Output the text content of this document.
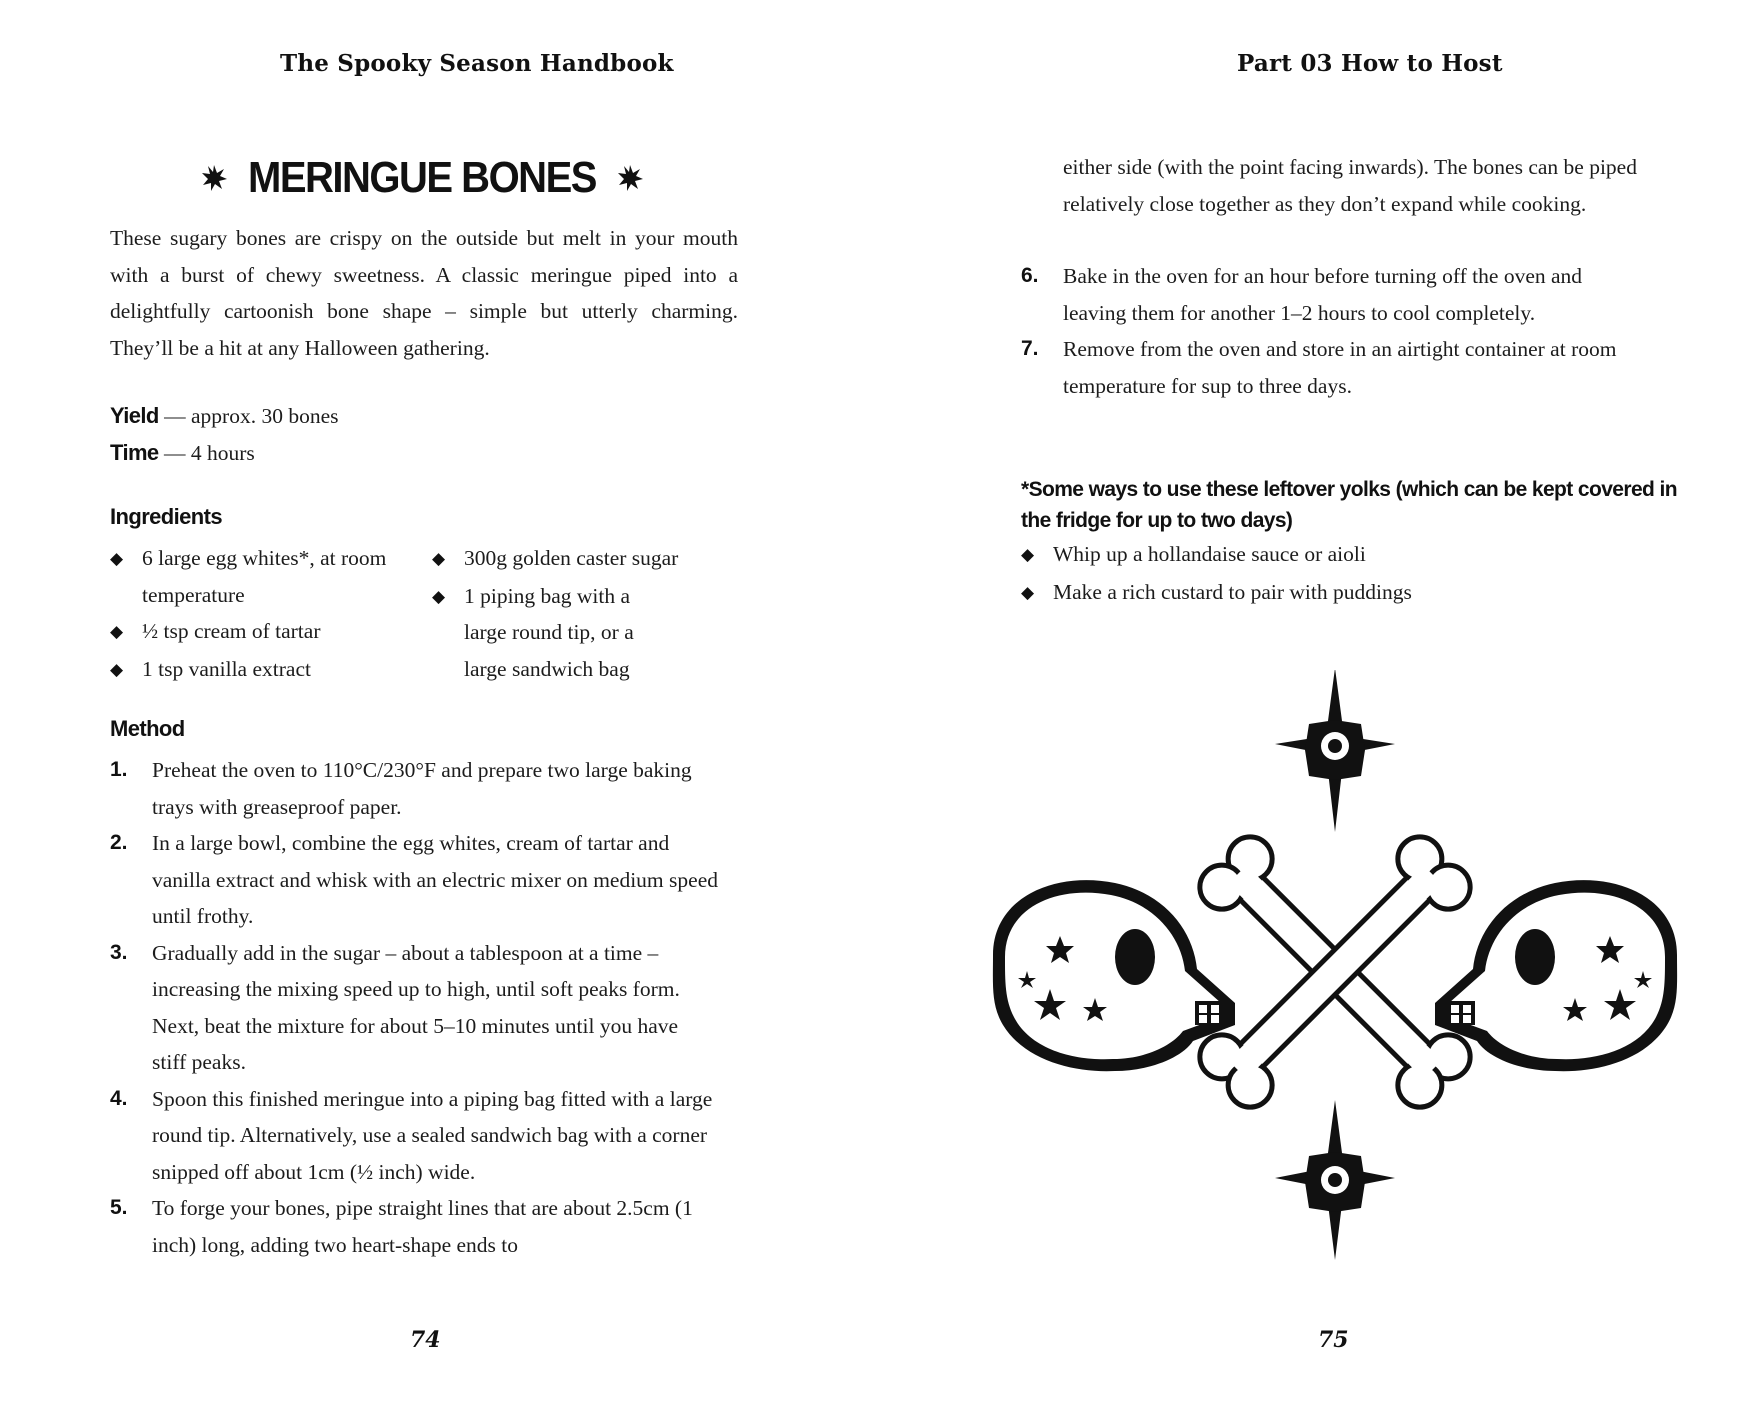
The Spooky Season Handbook
MERINGUE BONES

These sugary bones are crispy on the outside but melt in your mouth with a burst of chewy sweetness. A classic meringue piped into a delightfully cartoonish bone shape – simple but utterly charming. They’ll be a hit at any Halloween gathering.

Yield — approx. 30 bones
Time — 4 hours
Ingredients
◆ 6 large egg whites*, at room temperature
◆ ½ tsp cream of tartar
◆ 1 tsp vanilla extract
◆ 300g golden caster sugar
◆ 1 piping bag with a large round tip, or a large sandwich bag
Method
1.	Preheat the oven to 110°C/230°F and prepare two large baking trays with greaseproof paper.
2.	In a large bowl, combine the egg whites, cream of tartar and vanilla extract and whisk with an electric mixer on medium speed until frothy.
3.	Gradually add in the sugar – about a tablespoon at a time – increasing the mixing speed up to high, until soft peaks form. Next, beat the mixture for about 5–10 minutes until you have stiff peaks.
4.	Spoon this finished meringue into a piping bag fitted with a large round tip. Alternatively, use a sealed sandwich bag with a corner snipped off about 1cm (½ inch) wide.
5.	To forge your bones, pipe straight lines that are about 2.5cm (1 inch) long, adding two heart-shape ends to
74
Part 03 How to Host
75
either side (with the point facing inwards). The bones can be piped relatively close together as they don’t expand while cooking.
6.	Bake in the oven for an hour before turning off the oven and leaving them for another 1–2 hours to cool completely.
7.	Remove from the oven and store in an airtight container at room temperature for sup to three days.
*Some ways to use these leftover yolks (which can be kept covered in the fridge for up to two days)
◆ Whip up a hollandaise sauce or aioli
◆ Make a rich custard to pair with puddings
